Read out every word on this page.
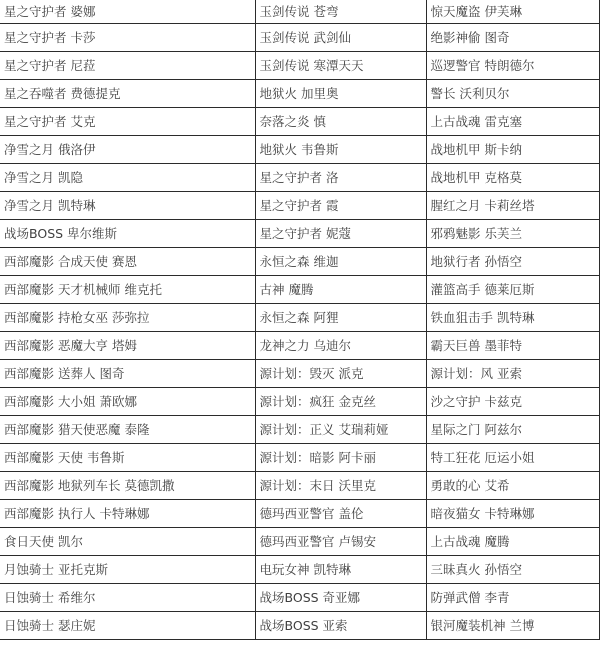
星之守护者 婆娜	玉剑传说 苍弯	惊天魔盗 伊芙琳
星之守护者 卡莎	玉剑传说 武剑仙	绝影神偷 图奇
星之守护者 尼菈	玉剑传说 寒潭天天	巡逻警官 特朗德尔
星之吞噬者 费德提克	地狱火 加里奥	警长 沃利贝尔
星之守护者 艾克	奈落之炎 慎	上古战魂 雷克塞
净雪之月 俄洛伊	地狱火 韦鲁斯	战地机甲 斯卡纳
净雪之月 凯隐	星之守护者 洛	战地机甲 克格莫
净雪之月 凯特琳	星之守护者 霞	腥红之月 卡莉丝塔
战场BOSS 卑尔维斯	星之守护者 妮蔻	邪鸦魅影 乐芙兰
西部魔影 合成天使 赛恩	永恒之森 维迦	地狱行者 孙悟空
西部魔影 天才机械师 维克托	古神 魔腾	灌篮高手 德莱厄斯
西部魔影 持枪女巫 莎弥拉	永恒之森 阿狸	铁血狙击手 凯特琳
西部魔影 恶魔大亨 塔姆	龙神之力 乌迪尔	霸天巨兽 墨菲特
西部魔影 送葬人 图奇	源计划：毁灭 派克	源计划：风 亚索
西部魔影 大小姐 萧欧娜	源计划：疯狂 金克丝	沙之守护 卡兹克
西部魔影 猎天使恶魔 泰隆	源计划：正义 艾瑞莉娅	星际之门 阿兹尔
西部魔影 天使 韦鲁斯	源计划：暗影 阿卡丽	特工狂花 厄运小姐
西部魔影 地狱列车长 莫德凯撒	源计划：末日 沃里克	勇敢的心 艾希
西部魔影 执行人 卡特琳娜	德玛西亚警官 盖伦	暗夜猫女 卡特琳娜
食日天使 凯尔	德玛西亚警官 卢锡安	上古战魂 魔腾
月蚀骑士 亚托克斯	电玩女神 凯特琳	三昧真火 孙悟空
日蚀骑士 希维尔	战场BOSS 奇亚娜	防弹武僧 李青
日蚀骑士 瑟庄妮	战场BOSS 亚索	银河魔装机神 兰博
